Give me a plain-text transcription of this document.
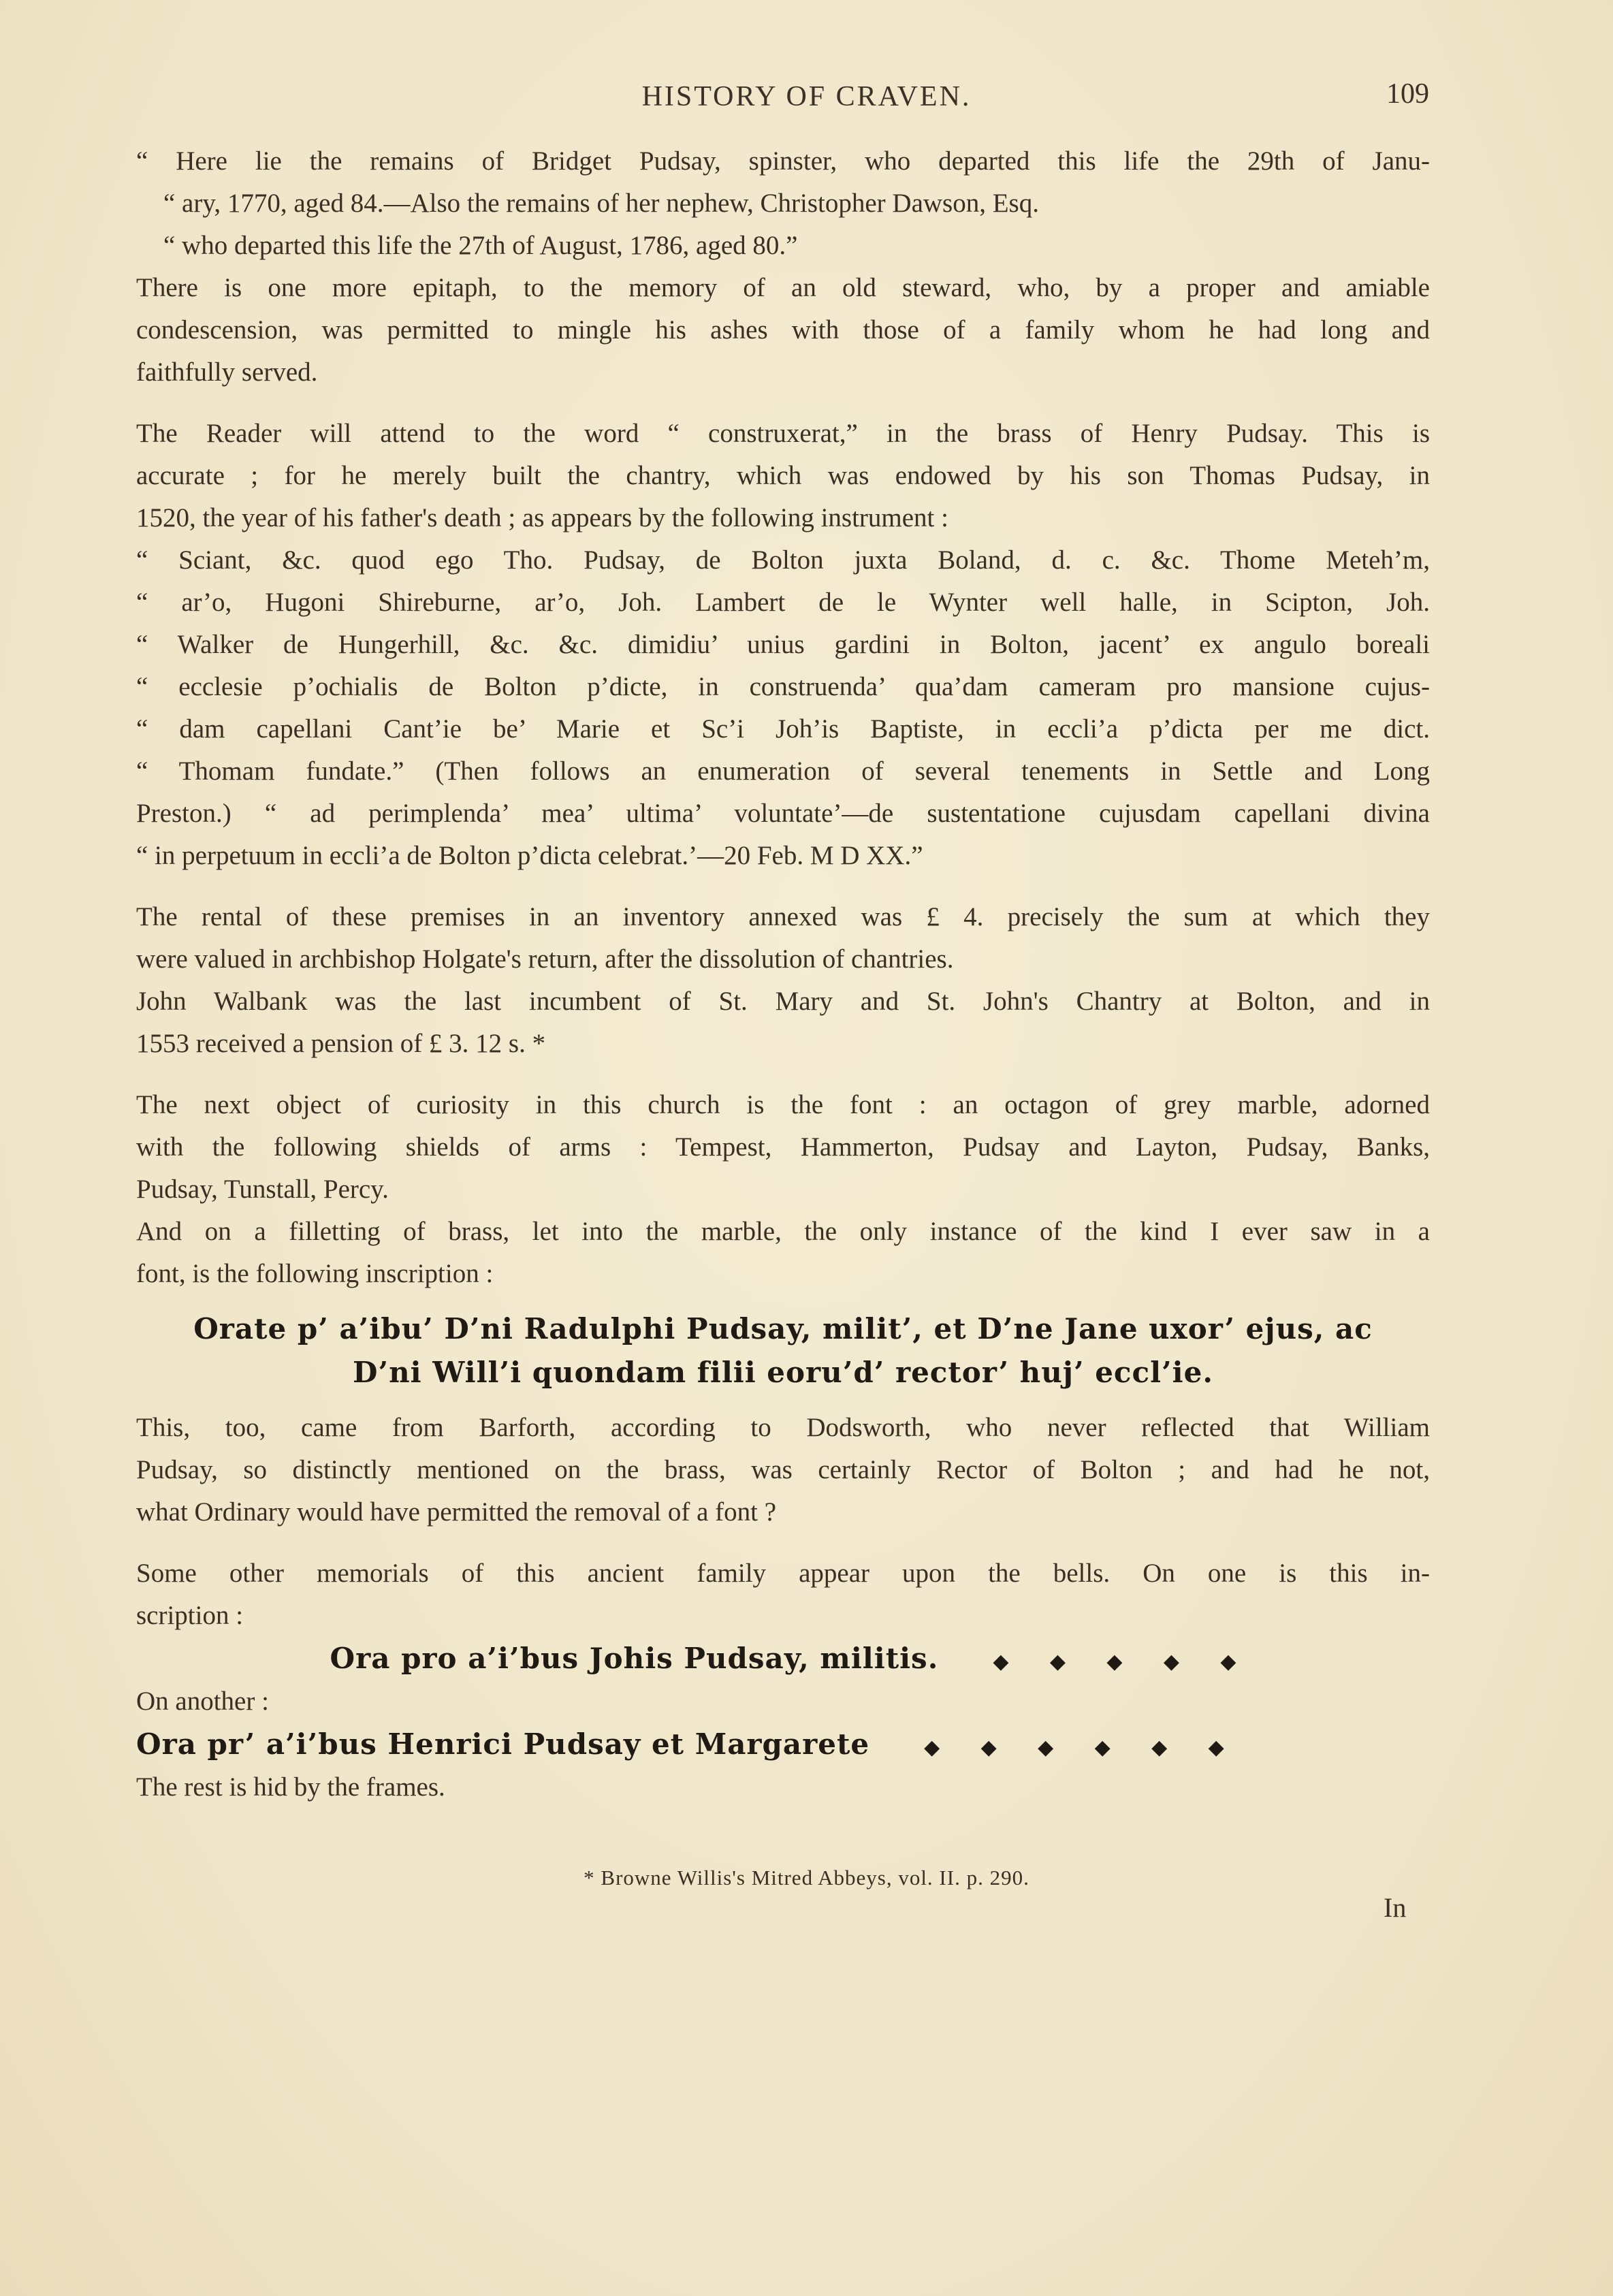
HISTORY OF CRAVEN.	109
“ Here lie the remains of Bridget Pudsay, spinster, who departed this life the 29th of Janu-
“ ary, 1770, aged 84.—Also the remains of her nephew, Christopher Dawson, Esq.
“ who departed this life the 27th of August, 1786, aged 80.”
There is one more epitaph, to the memory of an old steward, who, by a proper and amiable
condescension, was permitted to mingle his ashes with those of a family whom he had long and
faithfully served.
The Reader will attend to the word “ construxerat,” in the brass of Henry Pudsay. This is
accurate ; for he merely built the chantry, which was endowed by his son Thomas Pudsay, in
1520, the year of his father's death ; as appears by the following instrument :
“ Sciant, &c. quod ego Tho. Pudsay, de Bolton juxta Boland, d. c. &c. Thome Meteh’m,
“ ar’o, Hugoni Shireburne, ar’o, Joh. Lambert de le Wynter well halle, in Scipton, Joh.
“ Walker de Hungerhill, &c. &c. dimidiu’ unius gardini in Bolton, jacent’ ex angulo boreali
“ ecclesie p’ochialis de Bolton p’dicte, in construenda’ qua’dam cameram pro mansione cujus-
“ dam capellani Cant’ie be’ Marie et Sc’i Joh’is Baptiste, in eccli’a p’dicta per me dict.
“ Thomam fundate.” (Then follows an enumeration of several tenements in Settle and Long
Preston.) “ ad perimplenda’ mea’ ultima’ voluntate’—de sustentatione cujusdam capellani divina
“ in perpetuum in eccli’a de Bolton p’dicta celebrat.’—20 Feb. M D XX.”
The rental of these premises in an inventory annexed was £ 4. precisely the sum at which they
were valued in archbishop Holgate's return, after the dissolution of chantries.
John Walbank was the last incumbent of St. Mary and St. John's Chantry at Bolton, and in
1553 received a pension of £ 3. 12 s. *
The next object of curiosity in this church is the font : an octagon of grey marble, adorned
with the following shields of arms : Tempest, Hammerton, Pudsay and Layton, Pudsay, Banks,
Pudsay, Tunstall, Percy.
And on a filletting of brass, let into the marble, the only instance of the kind I ever saw in a
font, is the following inscription :
Orate p’ a’ibu’ D’ni Radulphi Pudsay, milit’, et D’ne Jane uxor’ ejus, ac
D’ni Will’i quondam filii eoru’d’ rector’ huj’ eccl’ie.
This, too, came from Barforth, according to Dodsworth, who never reflected that William
Pudsay, so distinctly mentioned on the brass, was certainly Rector of Bolton ; and had he not,
what Ordinary would have permitted the removal of a font ?
Some other memorials of this ancient family appear upon the bells. On one is this in-
scription :
Ora pro a’i’bus Johis Pudsay, militis.	◆ ◆ ◆ ◆ ◆
On another :
Ora pr’ a’i’bus Henrici Pudsay et Margarete	◆ ◆ ◆ ◆ ◆ ◆
The rest is hid by the frames.
* Browne Willis's Mitred Abbeys, vol. II. p. 290.
In
